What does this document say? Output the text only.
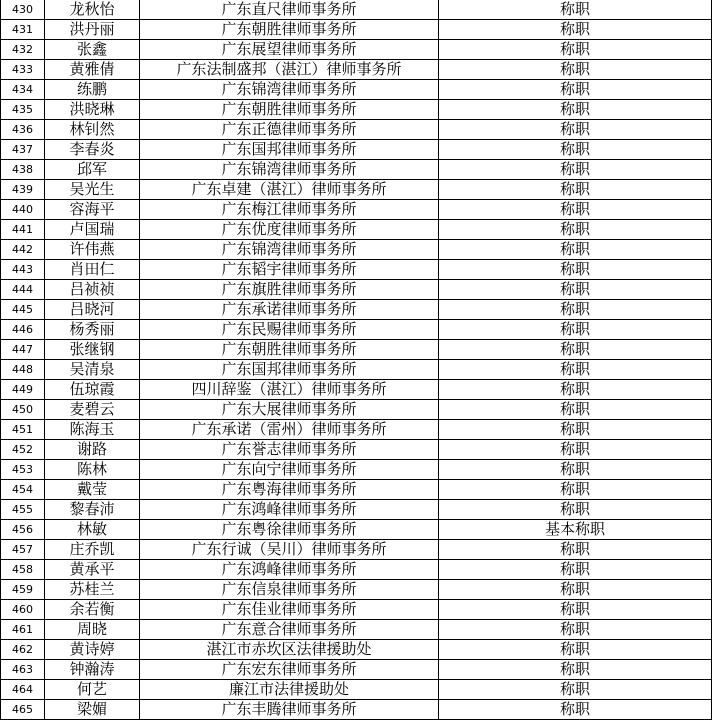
430	龙秋怡	广东直尺律师事务所	称职
431	洪丹丽	广东朝胜律师事务所	称职
432	张鑫	广东展望律师事务所	称职
433	黄雅倩	广东法制盛邦（湛江）律师事务所	称职
434	练鹏	广东锦湾律师事务所	称职
435	洪晓琳	广东朝胜律师事务所	称职
436	林钊然	广东正德律师事务所	称职
437	李春炎	广东国邦律师事务所	称职
438	邱军	广东锦湾律师事务所	称职
439	吴光生	广东卓建（湛江）律师事务所	称职
440	容海平	广东梅江律师事务所	称职
441	卢国瑞	广东优度律师事务所	称职
442	许伟燕	广东锦湾律师事务所	称职
443	肖田仁	广东韬宇律师事务所	称职
444	吕祯祯	广东旗胜律师事务所	称职
445	吕晓河	广东承诺律师事务所	称职
446	杨秀丽	广东民赐律师事务所	称职
447	张继钢	广东朝胜律师事务所	称职
448	吴清泉	广东国邦律师事务所	称职
449	伍琼霞	四川辞鉴（湛江）律师事务所	称职
450	麦碧云	广东大展律师事务所	称职
451	陈海玉	广东承诺（雷州）律师事务所	称职
452	谢路	广东誉志律师事务所	称职
453	陈林	广东向宁律师事务所	称职
454	戴莹	广东粤海律师事务所	称职
455	黎春沛	广东鸿峰律师事务所	称职
456	林敏	广东粤徐律师事务所	基本称职
457	庄乔凯	广东行诚（吴川）律师事务所	称职
458	黄承平	广东鸿峰律师事务所	称职
459	苏桂兰	广东信泉律师事务所	称职
460	余若衡	广东佳业律师事务所	称职
461	周晓	广东意合律师事务所	称职
462	黄诗婷	湛江市赤坎区法律援助处	称职
463	钟瀚涛	广东宏东律师事务所	称职
464	何艺	廉江市法律援助处	称职
465	梁媚	广东丰腾律师事务所	称职
